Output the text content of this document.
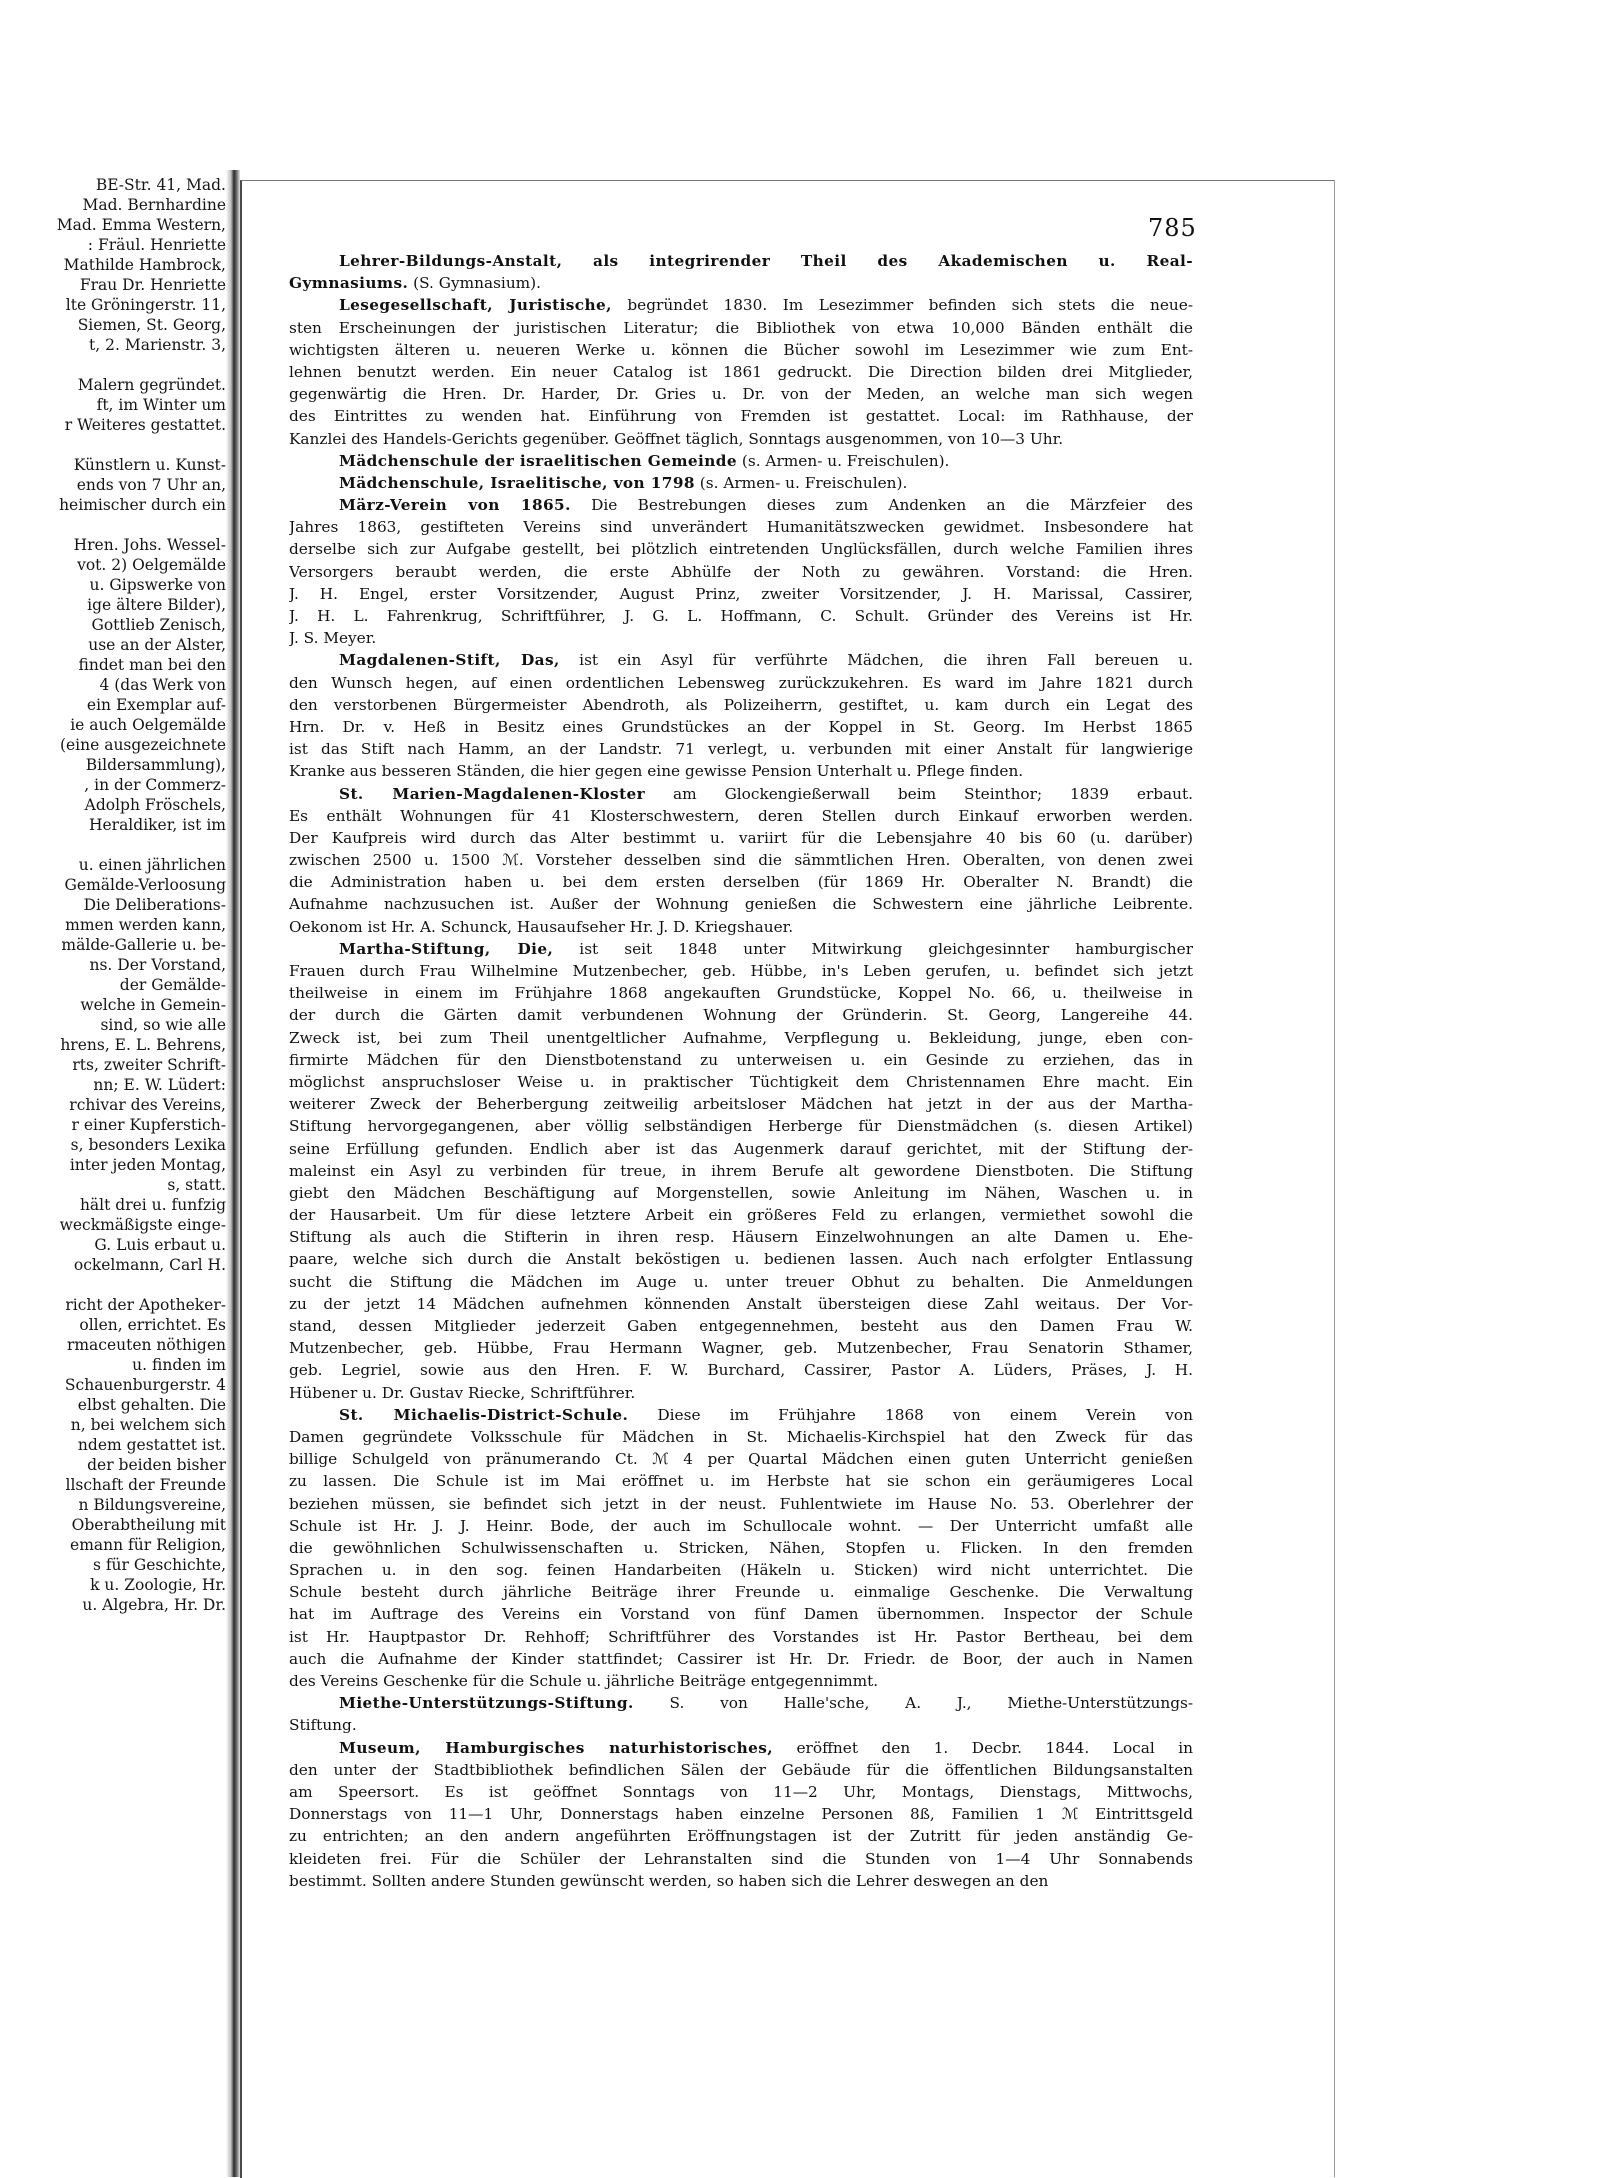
BE-Str. 41, Mad.
Mad. Bernhardine
Mad. Emma Western,
: Fräul. Henriette
Mathilde Hambrock,
Frau Dr. Henriette
lte Gröningerstr. 11,
Siemen, St. Georg,
t, 2. Marienstr. 3,
Malern gegründet.
ft, im Winter um
r Weiteres gestattet.
Künstlern u. Kunst-
ends von 7 Uhr an,
heimischer durch ein
Hren. Johs. Wessel-
vot. 2) Oelgemälde
u. Gipswerke von
ige ältere Bilder),
Gottlieb Zenisch,
use an der Alster,
findet man bei den
4 (das Werk von
ein Exemplar auf-
ie auch Oelgemälde
(eine ausgezeichnete
Bildersammlung),
, in der Commerz-
Adolph Fröschels,
Heraldiker, ist im
u. einen jährlichen
Gemälde-Verloosung
Die Deliberations-
mmen werden kann,
mälde-Gallerie u. be-
ns. Der Vorstand,
der Gemälde-
welche in Gemein-
sind, so wie alle
hrens, E. L. Behrens,
rts, zweiter Schrift-
nn; E. W. Lüdert:
rchivar des Vereins,
r einer Kupferstich-
s, besonders Lexika
inter jeden Montag,
s, statt.
hält drei u. funfzig
weckmäßigste einge-
G. Luis erbaut u.
ockelmann, Carl H.
richt der Apotheker-
ollen, errichtet. Es
rmaceuten nöthigen
u. finden im
Schauenburgerstr. 4
elbst gehalten. Die
n, bei welchem sich
ndem gestattet ist.
der beiden bisher
llschaft der Freunde
n Bildungsvereine,
Oberabtheilung mit
emann für Religion,
s für Geschichte,
k u. Zoologie, Hr.
u. Algebra, Hr. Dr.
785
Lehrer-Bildungs-Anstalt, als integrirender Theil des Akademischen u. Real-
Gymnasiums. (S. Gymnasium).
Lesegesellschaft, Juristische, begründet 1830. Im Lesezimmer befinden sich stets die neue-
sten Erscheinungen der juristischen Literatur; die Bibliothek von etwa 10,000 Bänden enthält die
wichtigsten älteren u. neueren Werke u. können die Bücher sowohl im Lesezimmer wie zum Ent-
lehnen benutzt werden. Ein neuer Catalog ist 1861 gedruckt. Die Direction bilden drei Mitglieder,
gegenwärtig die Hren. Dr. Harder, Dr. Gries u. Dr. von der Meden, an welche man sich wegen
des Eintrittes zu wenden hat. Einführung von Fremden ist gestattet. Local: im Rathhause, der
Kanzlei des Handels-Gerichts gegenüber. Geöffnet täglich, Sonntags ausgenommen, von 10—3 Uhr.
Mädchenschule der israelitischen Gemeinde (s. Armen- u. Freischulen).
Mädchenschule, Israelitische, von 1798 (s. Armen- u. Freischulen).
März-Verein von 1865. Die Bestrebungen dieses zum Andenken an die Märzfeier des
Jahres 1863, gestifteten Vereins sind unverändert Humanitätszwecken gewidmet. Insbesondere hat
derselbe sich zur Aufgabe gestellt, bei plötzlich eintretenden Unglücksfällen, durch welche Familien ihres
Versorgers beraubt werden, die erste Abhülfe der Noth zu gewähren. Vorstand: die Hren.
J. H. Engel, erster Vorsitzender, August Prinz, zweiter Vorsitzender, J. H. Marissal, Cassirer,
J. H. L. Fahrenkrug, Schriftführer, J. G. L. Hoffmann, C. Schult. Gründer des Vereins ist Hr.
J. S. Meyer.
Magdalenen-Stift, Das, ist ein Asyl für verführte Mädchen, die ihren Fall bereuen u.
den Wunsch hegen, auf einen ordentlichen Lebensweg zurückzukehren. Es ward im Jahre 1821 durch
den verstorbenen Bürgermeister Abendroth, als Polizeiherrn, gestiftet, u. kam durch ein Legat des
Hrn. Dr. v. Heß in Besitz eines Grundstückes an der Koppel in St. Georg. Im Herbst 1865
ist das Stift nach Hamm, an der Landstr. 71 verlegt, u. verbunden mit einer Anstalt für langwierige
Kranke aus besseren Ständen, die hier gegen eine gewisse Pension Unterhalt u. Pflege finden.
St. Marien-Magdalenen-Kloster am Glockengießerwall beim Steinthor; 1839 erbaut.
Es enthält Wohnungen für 41 Klosterschwestern, deren Stellen durch Einkauf erworben werden.
Der Kaufpreis wird durch das Alter bestimmt u. variirt für die Lebensjahre 40 bis 60 (u. darüber)
zwischen 2500 u. 1500 ℳ. Vorsteher desselben sind die sämmtlichen Hren. Oberalten, von denen zwei
die Administration haben u. bei dem ersten derselben (für 1869 Hr. Oberalter N. Brandt) die
Aufnahme nachzusuchen ist. Außer der Wohnung genießen die Schwestern eine jährliche Leibrente.
Oekonom ist Hr. A. Schunck, Hausaufseher Hr. J. D. Kriegshauer.
Martha-Stiftung, Die, ist seit 1848 unter Mitwirkung gleichgesinnter hamburgischer
Frauen durch Frau Wilhelmine Mutzenbecher, geb. Hübbe, in's Leben gerufen, u. befindet sich jetzt
theilweise in einem im Frühjahre 1868 angekauften Grundstücke, Koppel No. 66, u. theilweise in
der durch die Gärten damit verbundenen Wohnung der Gründerin. St. Georg, Langereihe 44.
Zweck ist, bei zum Theil unentgeltlicher Aufnahme, Verpflegung u. Bekleidung, junge, eben con-
firmirte Mädchen für den Dienstbotenstand zu unterweisen u. ein Gesinde zu erziehen, das in
möglichst anspruchsloser Weise u. in praktischer Tüchtigkeit dem Christennamen Ehre macht. Ein
weiterer Zweck der Beherbergung zeitweilig arbeitsloser Mädchen hat jetzt in der aus der Martha-
Stiftung hervorgegangenen, aber völlig selbständigen Herberge für Dienstmädchen (s. diesen Artikel)
seine Erfüllung gefunden. Endlich aber ist das Augenmerk darauf gerichtet, mit der Stiftung der-
maleinst ein Asyl zu verbinden für treue, in ihrem Berufe alt gewordene Dienstboten. Die Stiftung
giebt den Mädchen Beschäftigung auf Morgenstellen, sowie Anleitung im Nähen, Waschen u. in
der Hausarbeit. Um für diese letztere Arbeit ein größeres Feld zu erlangen, vermiethet sowohl die
Stiftung als auch die Stifterin in ihren resp. Häusern Einzelwohnungen an alte Damen u. Ehe-
paare, welche sich durch die Anstalt beköstigen u. bedienen lassen. Auch nach erfolgter Entlassung
sucht die Stiftung die Mädchen im Auge u. unter treuer Obhut zu behalten. Die Anmeldungen
zu der jetzt 14 Mädchen aufnehmen könnenden Anstalt übersteigen diese Zahl weitaus. Der Vor-
stand, dessen Mitglieder jederzeit Gaben entgegennehmen, besteht aus den Damen Frau W.
Mutzenbecher, geb. Hübbe, Frau Hermann Wagner, geb. Mutzenbecher, Frau Senatorin Sthamer,
geb. Legriel, sowie aus den Hren. F. W. Burchard, Cassirer, Pastor A. Lüders, Präses, J. H.
Hübener u. Dr. Gustav Riecke, Schriftführer.
St. Michaelis-District-Schule. Diese im Frühjahre 1868 von einem Verein von
Damen gegründete Volksschule für Mädchen in St. Michaelis-Kirchspiel hat den Zweck für das
billige Schulgeld von pränumerando Ct. ℳ 4 per Quartal Mädchen einen guten Unterricht genießen
zu lassen. Die Schule ist im Mai eröffnet u. im Herbste hat sie schon ein geräumigeres Local
beziehen müssen, sie befindet sich jetzt in der neust. Fuhlentwiete im Hause No. 53. Oberlehrer der
Schule ist Hr. J. J. Heinr. Bode, der auch im Schullocale wohnt. — Der Unterricht umfaßt alle
die gewöhnlichen Schulwissenschaften u. Stricken, Nähen, Stopfen u. Flicken. In den fremden
Sprachen u. in den sog. feinen Handarbeiten (Häkeln u. Sticken) wird nicht unterrichtet. Die
Schule besteht durch jährliche Beiträge ihrer Freunde u. einmalige Geschenke. Die Verwaltung
hat im Auftrage des Vereins ein Vorstand von fünf Damen übernommen. Inspector der Schule
ist Hr. Hauptpastor Dr. Rehhoff; Schriftführer des Vorstandes ist Hr. Pastor Bertheau, bei dem
auch die Aufnahme der Kinder stattfindet; Cassirer ist Hr. Dr. Friedr. de Boor, der auch in Namen
des Vereins Geschenke für die Schule u. jährliche Beiträge entgegennimmt.
Miethe-Unterstützungs-Stiftung. S. von Halle'sche, A. J., Miethe-Unterstützungs-
Stiftung.
Museum, Hamburgisches naturhistorisches, eröffnet den 1. Decbr. 1844. Local in
den unter der Stadtbibliothek befindlichen Sälen der Gebäude für die öffentlichen Bildungsanstalten
am Speersort. Es ist geöffnet Sonntags von 11—2 Uhr, Montags, Dienstags, Mittwochs,
Donnerstags von 11—1 Uhr, Donnerstags haben einzelne Personen 8ß, Familien 1 ℳ Eintrittsgeld
zu entrichten; an den andern angeführten Eröffnungstagen ist der Zutritt für jeden anständig Ge-
kleideten frei. Für die Schüler der Lehranstalten sind die Stunden von 1—4 Uhr Sonnabends
bestimmt. Sollten andere Stunden gewünscht werden, so haben sich die Lehrer deswegen an den
